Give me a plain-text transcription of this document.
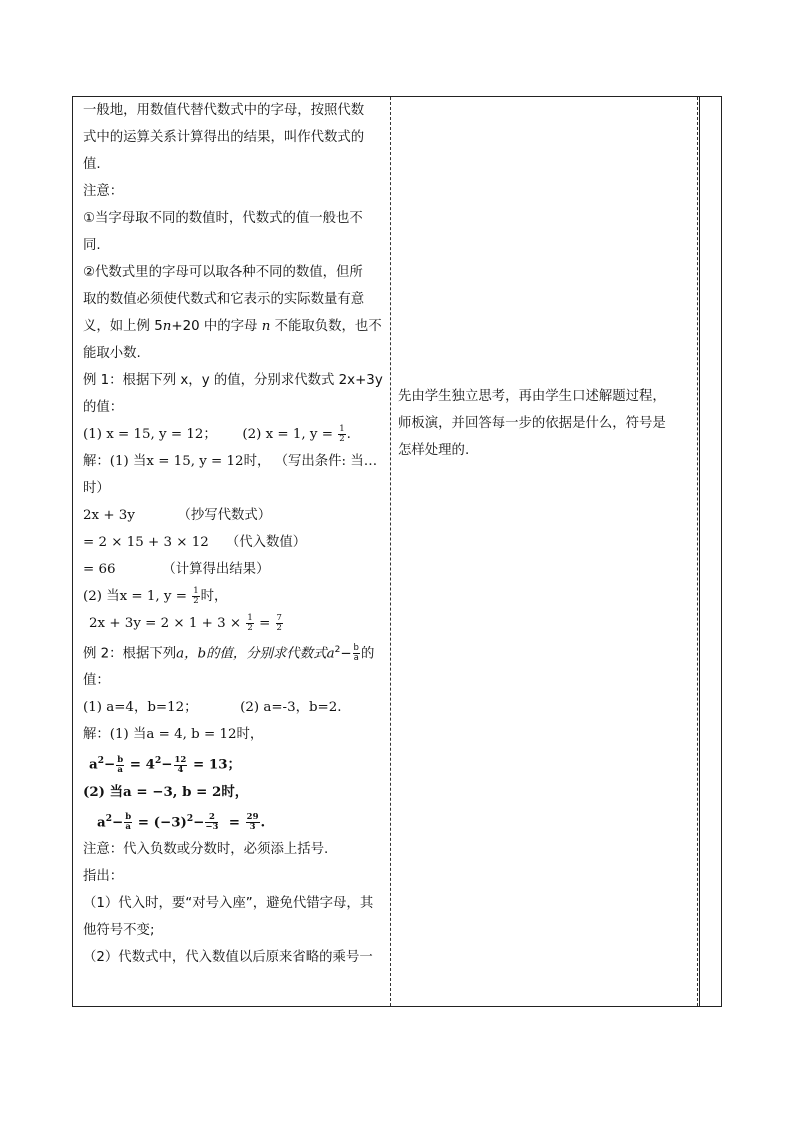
一般地，用数值代替代数式中的字母，按照代数
式中的运算关系计算得出的结果，叫作代数式的
值.
注意：
①当字母取不同的数值时，代数式的值一般也不
同.
②代数式里的字母可以取各种不同的数值，但所
取的数值必须使代数式和它表示的实际数量有意
义，如上例 5n+20 中的字母 n 不能取负数，也不
能取小数.
例 1：根据下列 x，y 的值，分别求代数式 2x+3y
的值：
(1) x = 15, y = 12； (2) x = 1, $y = \frac{1}{2}$ .
解：(1) 当x = 15, y = 12时， （写出条件: 当…
时）
2x + 3y          （抄写代数式）
= 2 × 15 + 3 × 12    （代入数值）
= 66           （计算得出结果）
(2) 当x = 1, $y = \frac{1}{2}$ 时，
$2x + 3y = 2 \times 1 + 3 \times \frac{1}{2} = \frac{7}{2}$
例 2：根据下列a，b的值，分别求代数式$a^2- \frac{b}{a}$ 的
值：
(1) a=4，b=12；          (2) a=-3，b=2.
解：(1) 当a = 4, b = 12时，
$a^2- \frac{b}{a} = 4^2- \frac{12}{4} = 13$；
(2) 当a = −3, b = 2时，
$a^2- \frac{b}{a} = (-3)^2- \frac{2}{-3} = \frac{29}{3}$ .
注意：代入负数或分数时，必须添上括号.
指出：
（1）代入时，要“对号入座”，避免代错字母，其
他符号不变;
（2）代数式中，代入数值以后原来省略的乘号一
先由学生独立思考，再由学生口述解题过程，
师板演，并回答每一步的依据是什么，符号是
怎样处理的.
